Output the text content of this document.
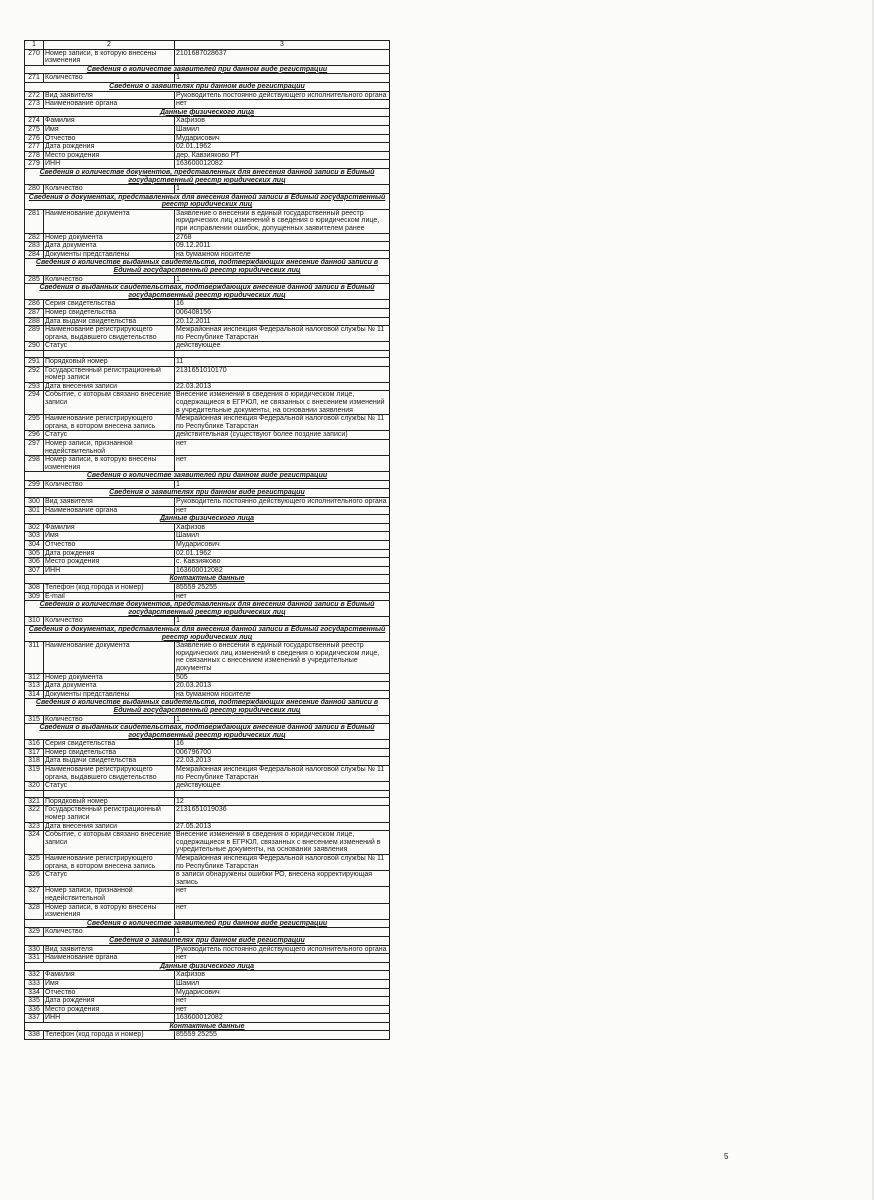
1	2	3
270	Номер записи, в которую внесены изменения	2101687028637
Сведения о количестве заявителей при данном виде регистрации		
271	Количество	1
Сведения о заявителях при данном виде регистрации		
272	Вид заявителя	Руководитель постоянно действующего исполнительного органа
273	Наименование органа	нет
Данные физического лица		
274	Фамилия	Хафизов
275	Имя	Шамил
276	Отчество	Мударисович
277	Дата рождения	02.01.1962
278	Место рождения	дер. Кавзияково РТ
279	ИНН	163600012082
Сведения о количестве документов, представленных для внесения данной записи в Единый государственный реестр юридических лиц		
280	Количество	1
Сведения о документах, представленных для внесения данной записи в Единый государственный реестр юридических лиц		
281	Наименование документа	Заявление о внесении в единый государственный реестр юридических лиц изменений в сведения о юридическом лице, при исправлении ошибок, допущенных заявителем ранее
282	Номер документа	2768
283	Дата документа	09.12.2011
284	Документы представлены	на бумажном носителе
Сведения о количестве выданных свидетельств, подтверждающих внесение данной записи в Единый государственный реестр юридических лиц		
285	Количество	1
Сведения о выданных свидетельствах, подтверждающих внесение данной записи в Единый государственный реестр юридических лиц		
286	Серия свидетельства	16
287	Номер свидетельства	006408156
288	Дата выдачи свидетельства	20.12.2011
289	Наименование регистрирующего органа, выдавшего свидетельство	Межрайонная инспекция Федеральной налоговой службы № 11 по Республике Татарстан
290	Статус	действующее

291	Порядковый номер	11
292	Государственный регистрационный номер записи	2131651010170
293	Дата внесения записи	22.03.2013
294	Событие, с которым связано внесение записи	Внесение изменений в сведения о юридическом лице, содержащиеся в ЕГРЮЛ, не связанных с внесением изменений в учредительные документы, на основании заявления
295	Наименование регистрирующего органа, в котором внесена запись	Межрайонная инспекция Федеральной налоговой службы № 11 по Республике Татарстан
296	Статус	действительная (существуют более поздние записи)
297	Номер записи, признанной недействительной	нет
298	Номер записи, в которую внесены изменения	нет
Сведения о количестве заявителей при данном виде регистрации		
299	Количество	1
Сведения о заявителях при данном виде регистрации		
300	Вид заявителя	Руководитель постоянно действующего исполнительного органа
301	Наименование органа	нет
Данные физического лица		
302	Фамилия	Хафизов
303	Имя	Шамил
304	Отчество	Мударисович
305	Дата рождения	02.01.1962
306	Место рождения	с. Кавзияково
307	ИНН	163600012082
Контактные данные		
308	Телефон (код города и номер)	85559 25255
309	E-mail	нет
Сведения о количестве документов, представленных для внесения данной записи в Единый государственный реестр юридических лиц		
310	Количество	1
Сведения о документах, представленных для внесения данной записи в Единый государственный реестр юридических лиц		
311	Наименование документа	Заявление о внесении в единый государственный реестр юридических лиц изменений в сведения о юридическом лице, не связанных с внесением изменений в учредительные документы
312	Номер документа	505
313	Дата документа	20.03.2013
314	Документы представлены	на бумажном носителе
Сведения о количестве выданных свидетельств, подтверждающих внесение данной записи в Единый государственный реестр юридических лиц		
315	Количество	1
Сведения о выданных свидетельствах, подтверждающих внесение данной записи в Единый государственный реестр юридических лиц		
316	Серия свидетельства	16
317	Номер свидетельства	006796700
318	Дата выдачи свидетельства	22.03.2013
319	Наименование регистрирующего органа, выдавшего свидетельство	Межрайонная инспекция Федеральной налоговой службы № 11 по Республике Татарстан
320	Статус	действующее

321	Порядковый номер	12
322	Государственный регистрационный номер записи	2131651019036
323	Дата внесения записи	27.05.2013
324	Событие, с которым связано внесение записи	Внесение изменений в сведения о юридическом лице, содержащиеся в ЕГРЮЛ, связанных с внесением изменений в учредительные документы, на основании заявления
325	Наименование регистрирующего органа, в котором внесена запись	Межрайонная инспекция Федеральной налоговой службы № 11 по Республике Татарстан
326	Статус	в записи обнаружены ошибки РО, внесена корректирующая запись
327	Номер записи, признанной недействительной	нет
328	Номер записи, в которую внесены изменения	нет
Сведения о количестве заявителей при данном виде регистрации		
329	Количество	1
Сведения о заявителях при данном виде регистрации		
330	Вид заявителя	Руководитель постоянно действующего исполнительного органа
331	Наименование органа	нет
Данные физического лица		
332	Фамилия	Хафизов
333	Имя	Шамил
334	Отчество	Мударисович
335	Дата рождения	нет
336	Место рождения	нет
337	ИНН	163600012082
Контактные данные		
338	Телефон (код города и номер)	85559 25255
5
